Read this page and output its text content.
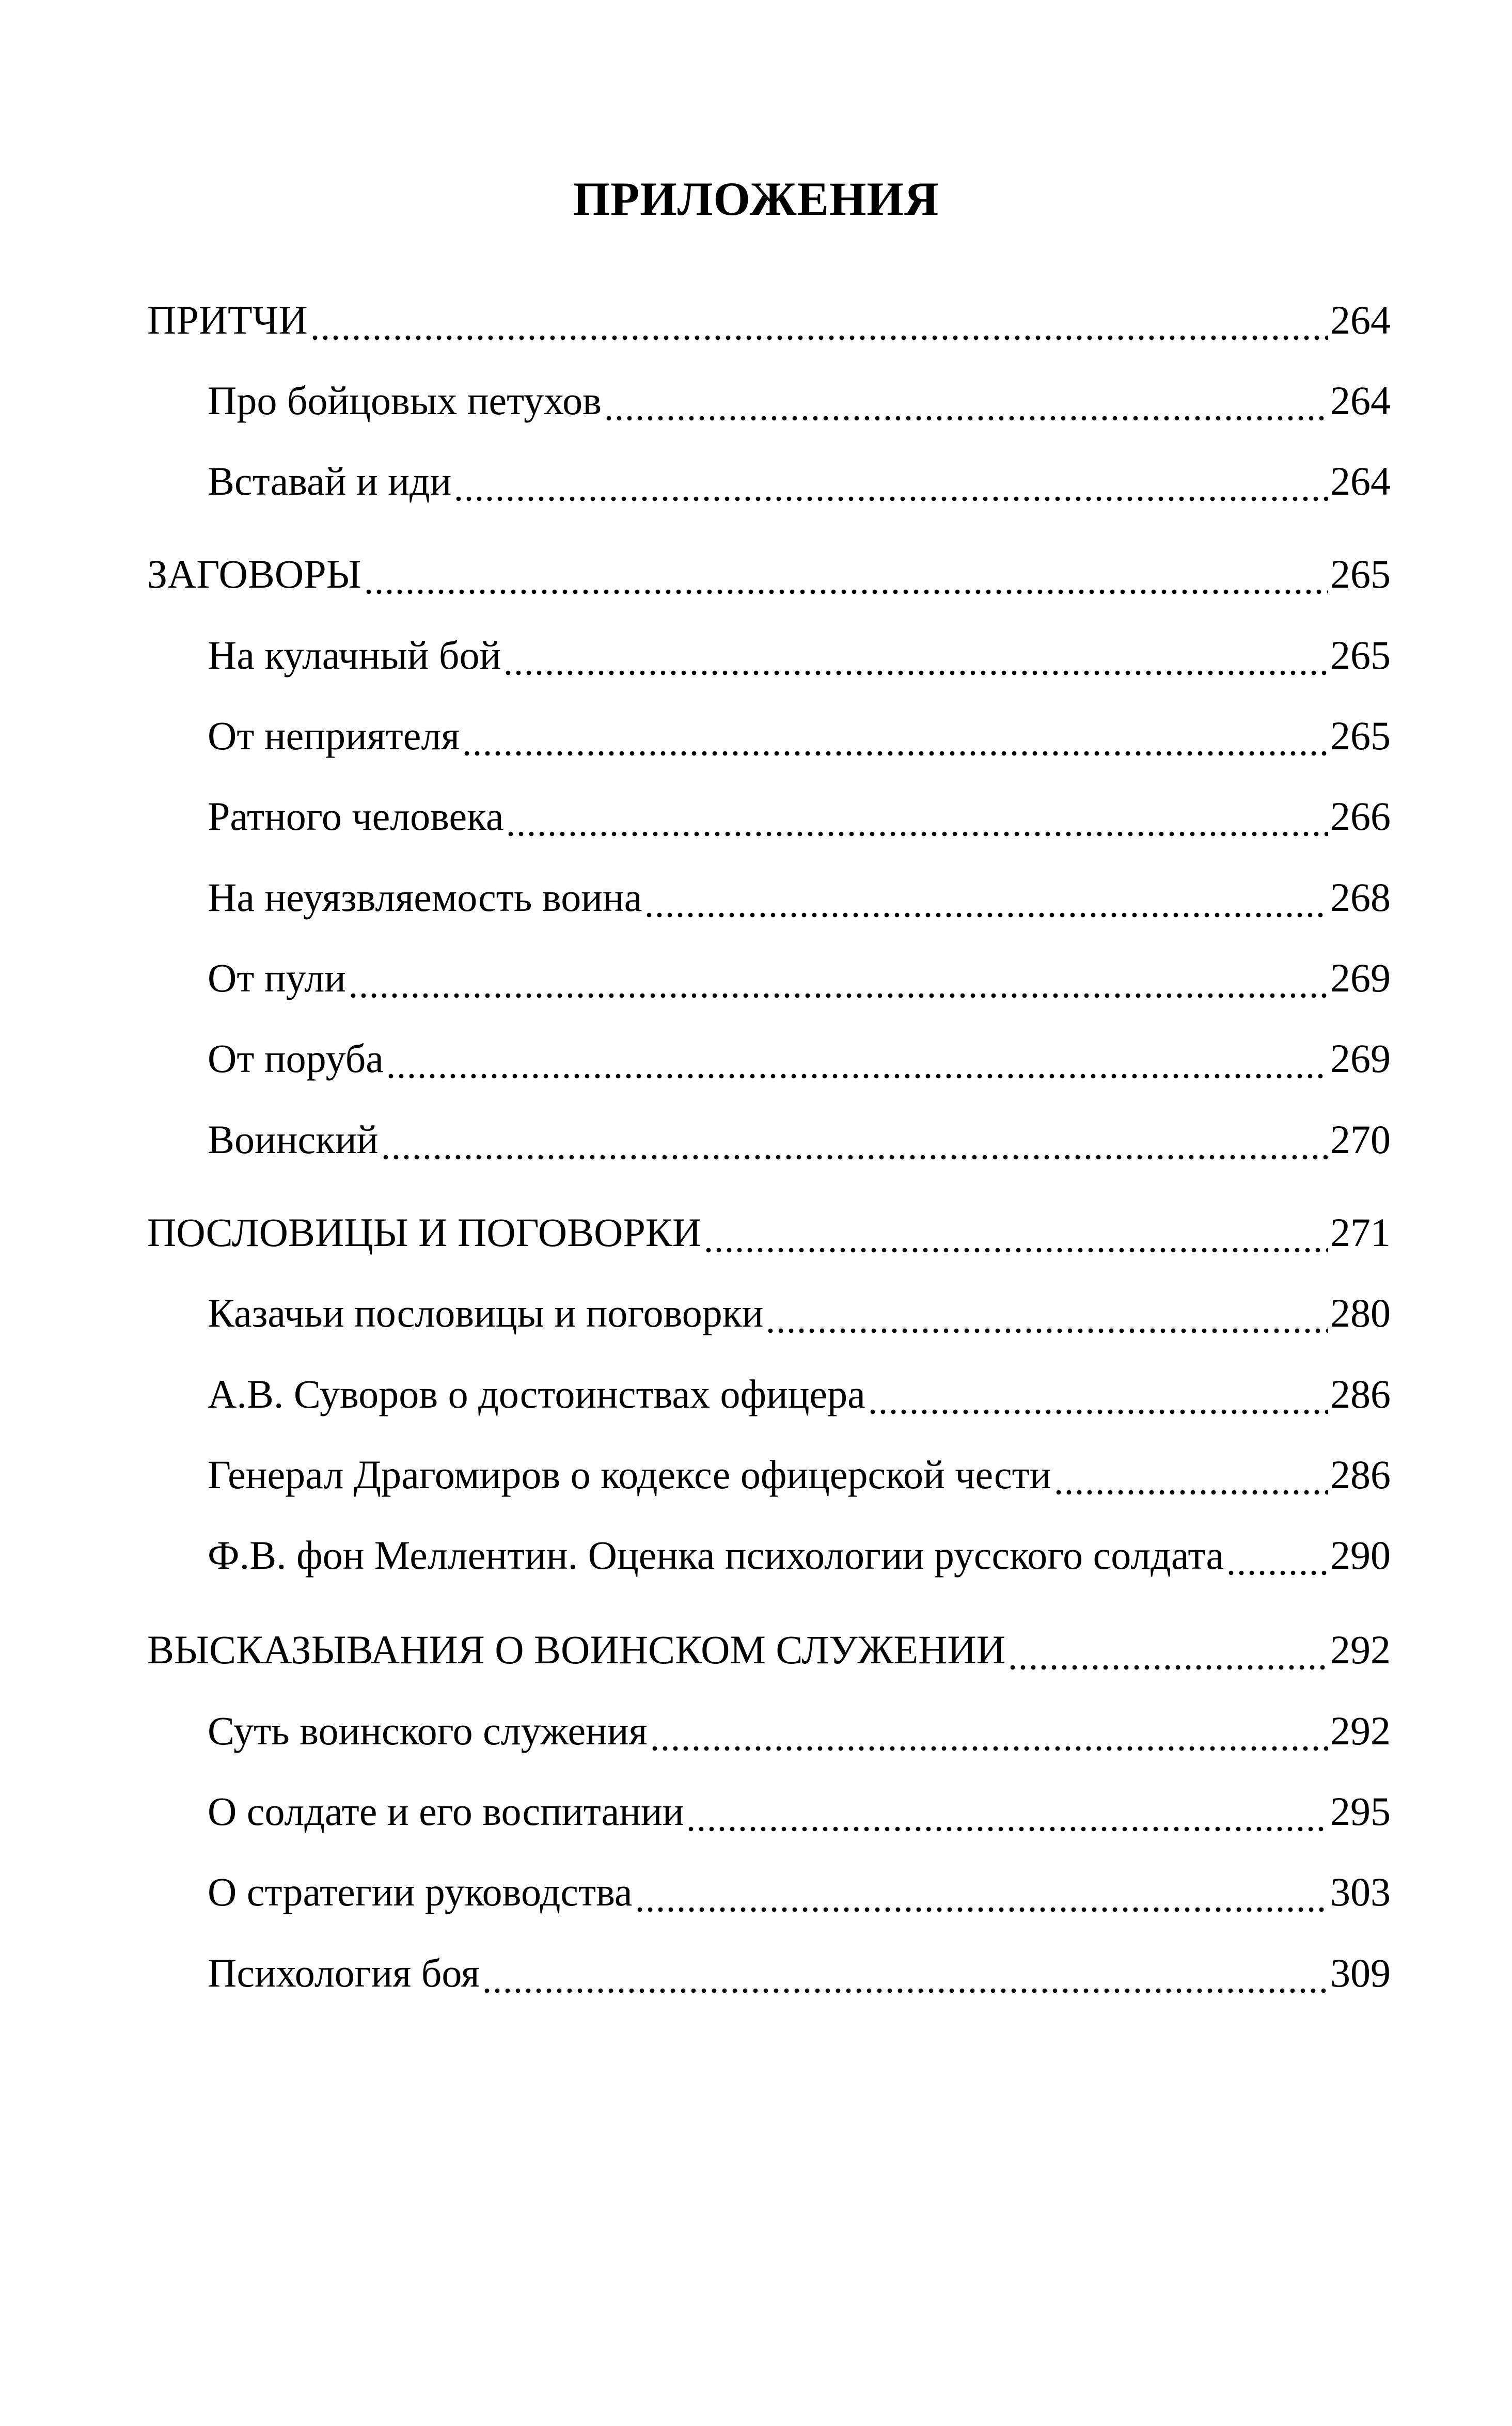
ПРИЛОЖЕНИЯ
ПРИТЧИ	264
Про бойцовых петухов	264
Вставай и иди	264
ЗАГОВОРЫ	265
На кулачный бой	265
От неприятеля	265
Ратного человека	266
На неуязвляемость воина	268
От пули	269
От поруба	269
Воинский	270
ПОСЛОВИЦЫ И ПОГОВОРКИ	271
Казачьи пословицы и поговорки	280
А.В. Суворов о достоинствах офицера	286
Генерал Драгомиров о кодексе офицерской чести	286
Ф.В. фон Меллентин. Оценка психологии русского солдата	290
ВЫСКАЗЫВАНИЯ О ВОИНСКОМ СЛУЖЕНИИ	292
Суть воинского служения	292
О солдате и его воспитании	295
О стратегии руководства	303
Психология боя	309
